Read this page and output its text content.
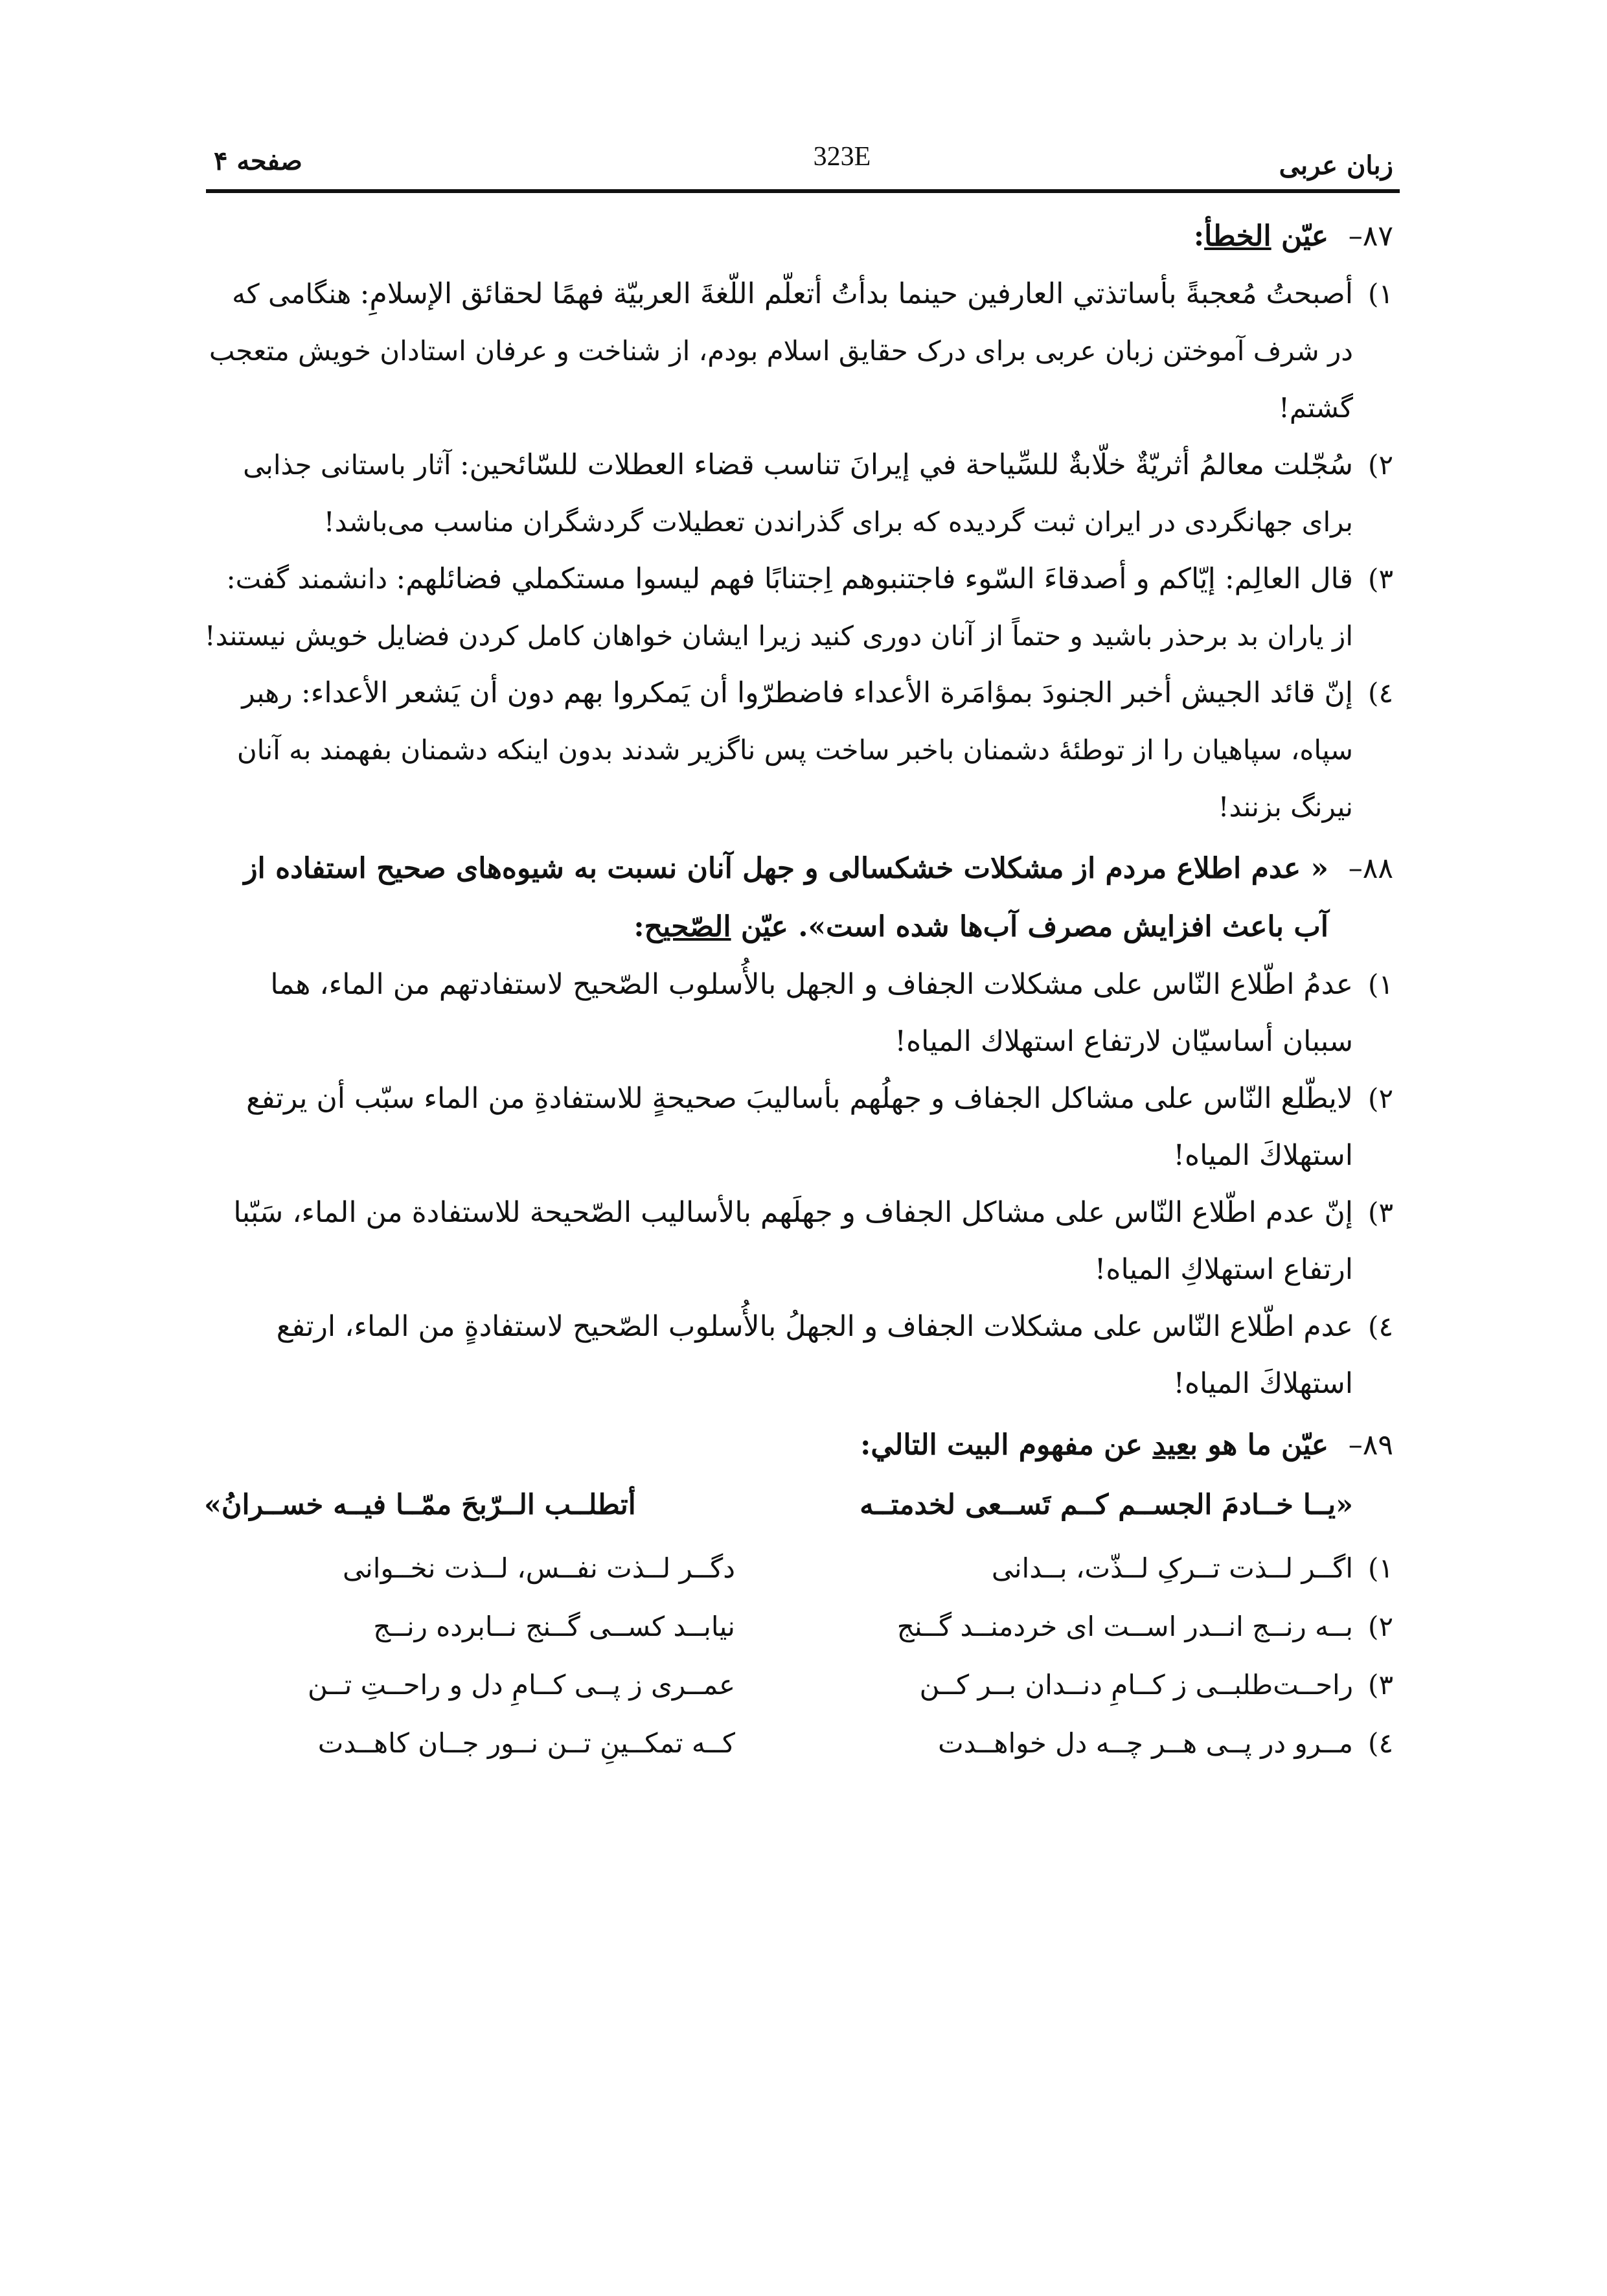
زبان عربی
323E
صفحه ۴
۸۷–
عیّن الخطأ:
۱)
أصبحتُ مُعجبةً بأساتذتي العارفين حينما بدأتُ أتعلّم اللّغةَ العربيّة فهمًا لحقائق الإسلامِ: هنگامی که در شرف آموختن زبان عربی برای درک حقایق اسلام بودم، از شناخت و عرفان استادان خویش متعجب گشتم!
۲)
سُجّلت معالمُ أثريّةٌ خلّابةٌ للسِّياحة في إيرانَ تناسب قضاء العطلات للسّائحين: آثار باستانی جذابی برای جهانگردی در ایران ثبت گردیده که برای گذراندن تعطیلات گردشگران مناسب می‌باشد!
۳)
قال العالِم: إيّاكم و أصدقاءَ السّوء فاجتنبوهم اِجتنابًا فهم ليسوا مستكملي فضائلهم: دانشمند گفت: از یاران بد برحذر باشید و حتماً از آنان دوری کنید زیرا ایشان خواهان کامل کردن فضایل خویش نیستند!
٤)
إنّ قائد الجيش أخبر الجنودَ بمؤامَرة الأعداء فاضطرّوا أن يَمكروا بهم دون أن يَشعر الأعداء: رهبر سپاه، سپاهیان را از توطئهٔ دشمنان باخبر ساخت پس ناگزیر شدند بدون اینکه دشمنان بفهمند به آنان نیرنگ بزنند!
۸۸–
« عدم اطلاع مردم از مشکلات خشکسالی و جهل آنان نسبت به شیوه‌های صحیح استفاده از آب باعث افزایش مصرف آب‌ها شده است». عیّن الصّحیح:
۱)
عدمُ اطّلاع النّاس على مشكلات الجفاف و الجهل بالأُسلوب الصّحيح لاستفادتهم من الماء، هما سببان أساسيّان لارتفاع استهلاك المياه!
۲)
لايطّلع النّاس على مشاكل الجفاف و جهلُهم بأساليبَ صحيحةٍ للاستفادةِ من الماء سبّب أن يرتفع استهلاكَ المياه!
۳)
إنّ عدم اطّلاع النّاس على مشاكل الجفاف و جهلَهم بالأساليب الصّحيحة للاستفادة من الماء، سَبّبا ارتفاع استهلاكِ المياه!
٤)
عدم اطّلاع النّاس على مشكلات الجفاف و الجهلُ بالأُسلوب الصّحيح لاستفادةٍ من الماء، ارتفع استهلاكَ المياه!
۸۹–
عیّن ما هو بعید عن مفهوم البیت التالي:
«یــا خــادمَ الجســم کــم تَســعی لخدمتــه
أتطلــب الــرّبحَ ممّــا فیــه خســرانُ»
۱)
اگــر لــذت تــرکِ لــذّت، بــدانی
دگــر لــذت نفــس، لــذت نخــوانی
۲)
بــه رنــج انــدر اســت ای خردمنــد گــنج
نیابــد کســی گــنج نــابرده رنــج
۳)
راحــت‌طلبــی ز کــامِ دنــدان بــر کــن
عمــری ز پــی کــامِ دل و راحــتِ تــن
٤)
مــرو در پــی هــر چــه دل خواهــدت
کــه تمکــینِ تــن نــور جــان کاهــدت
